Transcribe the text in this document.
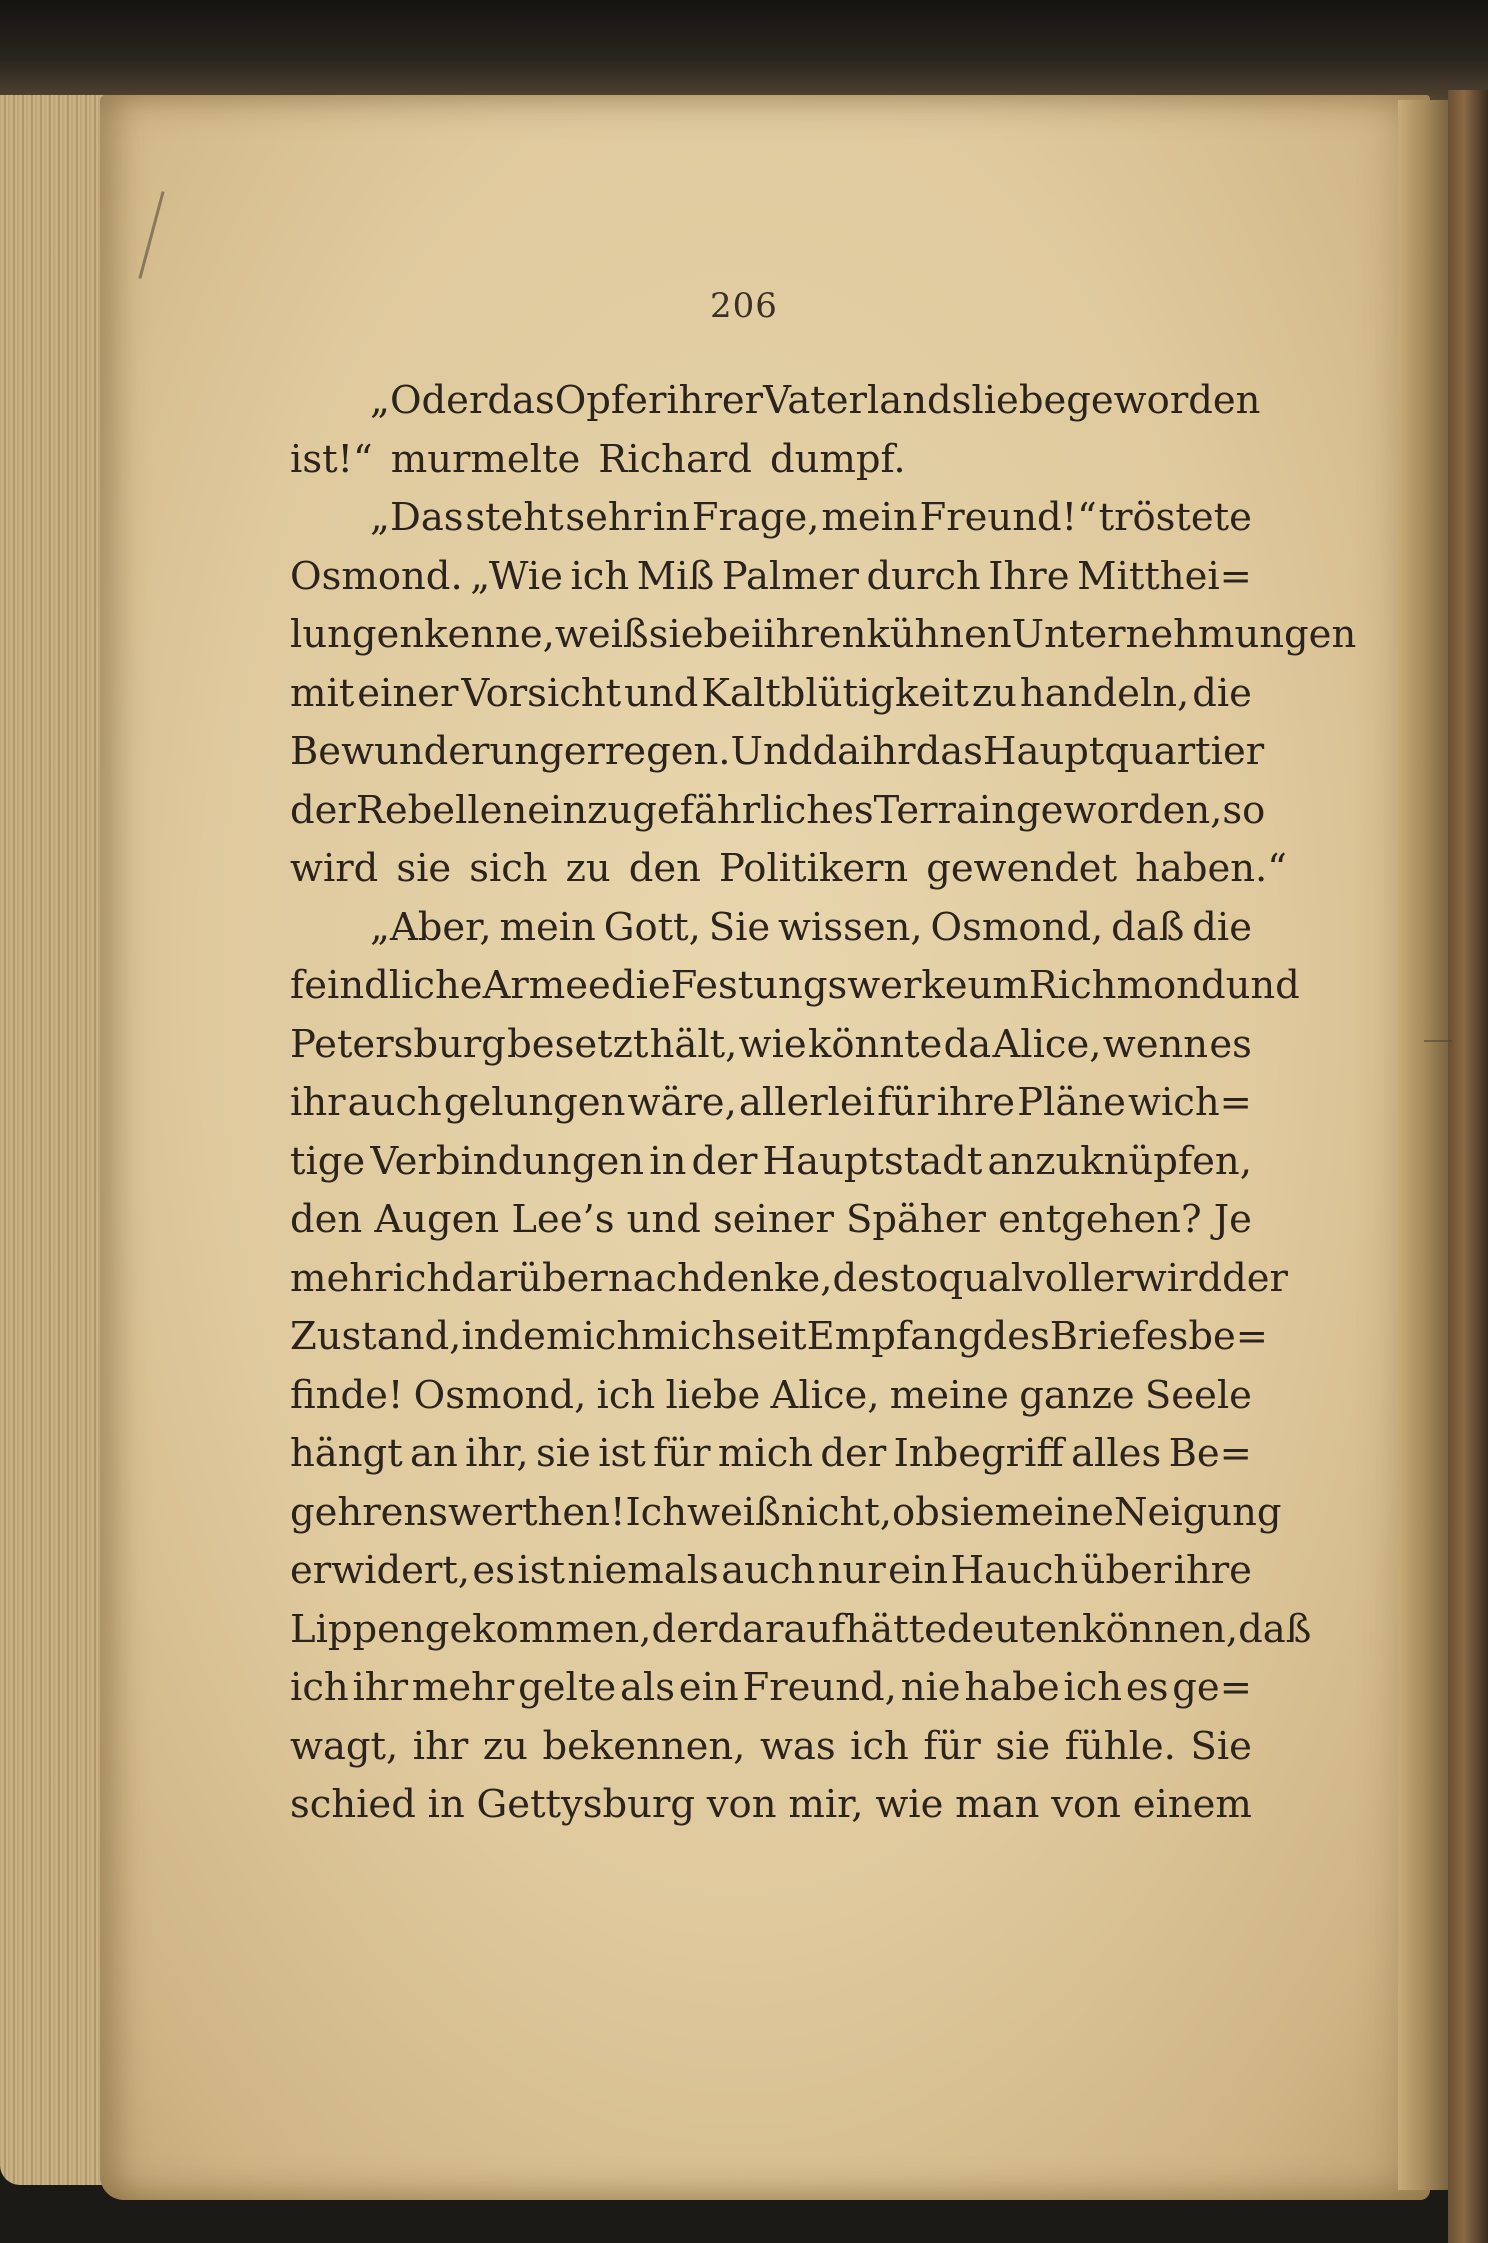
206
„Oder das Opfer ihrer Vaterlandsliebe geworden
ist!“ murmelte Richard dumpf.
„Das steht sehr in Frage, mein Freund!“ tröstete
Osmond. „Wie ich Miß Palmer durch Ihre Mitthei=
lungen kenne, weiß sie bei ihren kühnen Unternehmungen
mit einer Vorsicht und Kaltblütigkeit zu handeln, die
Bewunderung erregen. Und da ihr das Hauptquartier
der Rebellen ein zu gefährliches Terrain geworden, so
wird sie sich zu den Politikern gewendet haben.“
„Aber, mein Gott, Sie wissen, Osmond, daß die
feindliche Armee die Festungswerke um Richmond und
Petersburg besetzt hält, wie könnte da Alice, wenn es
ihr auch gelungen wäre, allerlei für ihre Pläne wich=
tige Verbindungen in der Hauptstadt anzuknüpfen,
den Augen Lee’s und seiner Späher entgehen? Je
mehr ich darüber nachdenke, desto qualvoller wird der
Zustand, in dem ich mich seit Empfang des Briefes be=
finde! Osmond, ich liebe Alice, meine ganze Seele
hängt an ihr, sie ist für mich der Inbegriff alles Be=
gehrenswerthen! Ich weiß nicht, ob sie meine Neigung
erwidert, es ist niemals auch nur ein Hauch über ihre
Lippen gekommen, der darauf hätte deuten können, daß
ich ihr mehr gelte als ein Freund, nie habe ich es ge=
wagt, ihr zu bekennen, was ich für sie fühle. Sie
schied in Gettysburg von mir, wie man von einem
